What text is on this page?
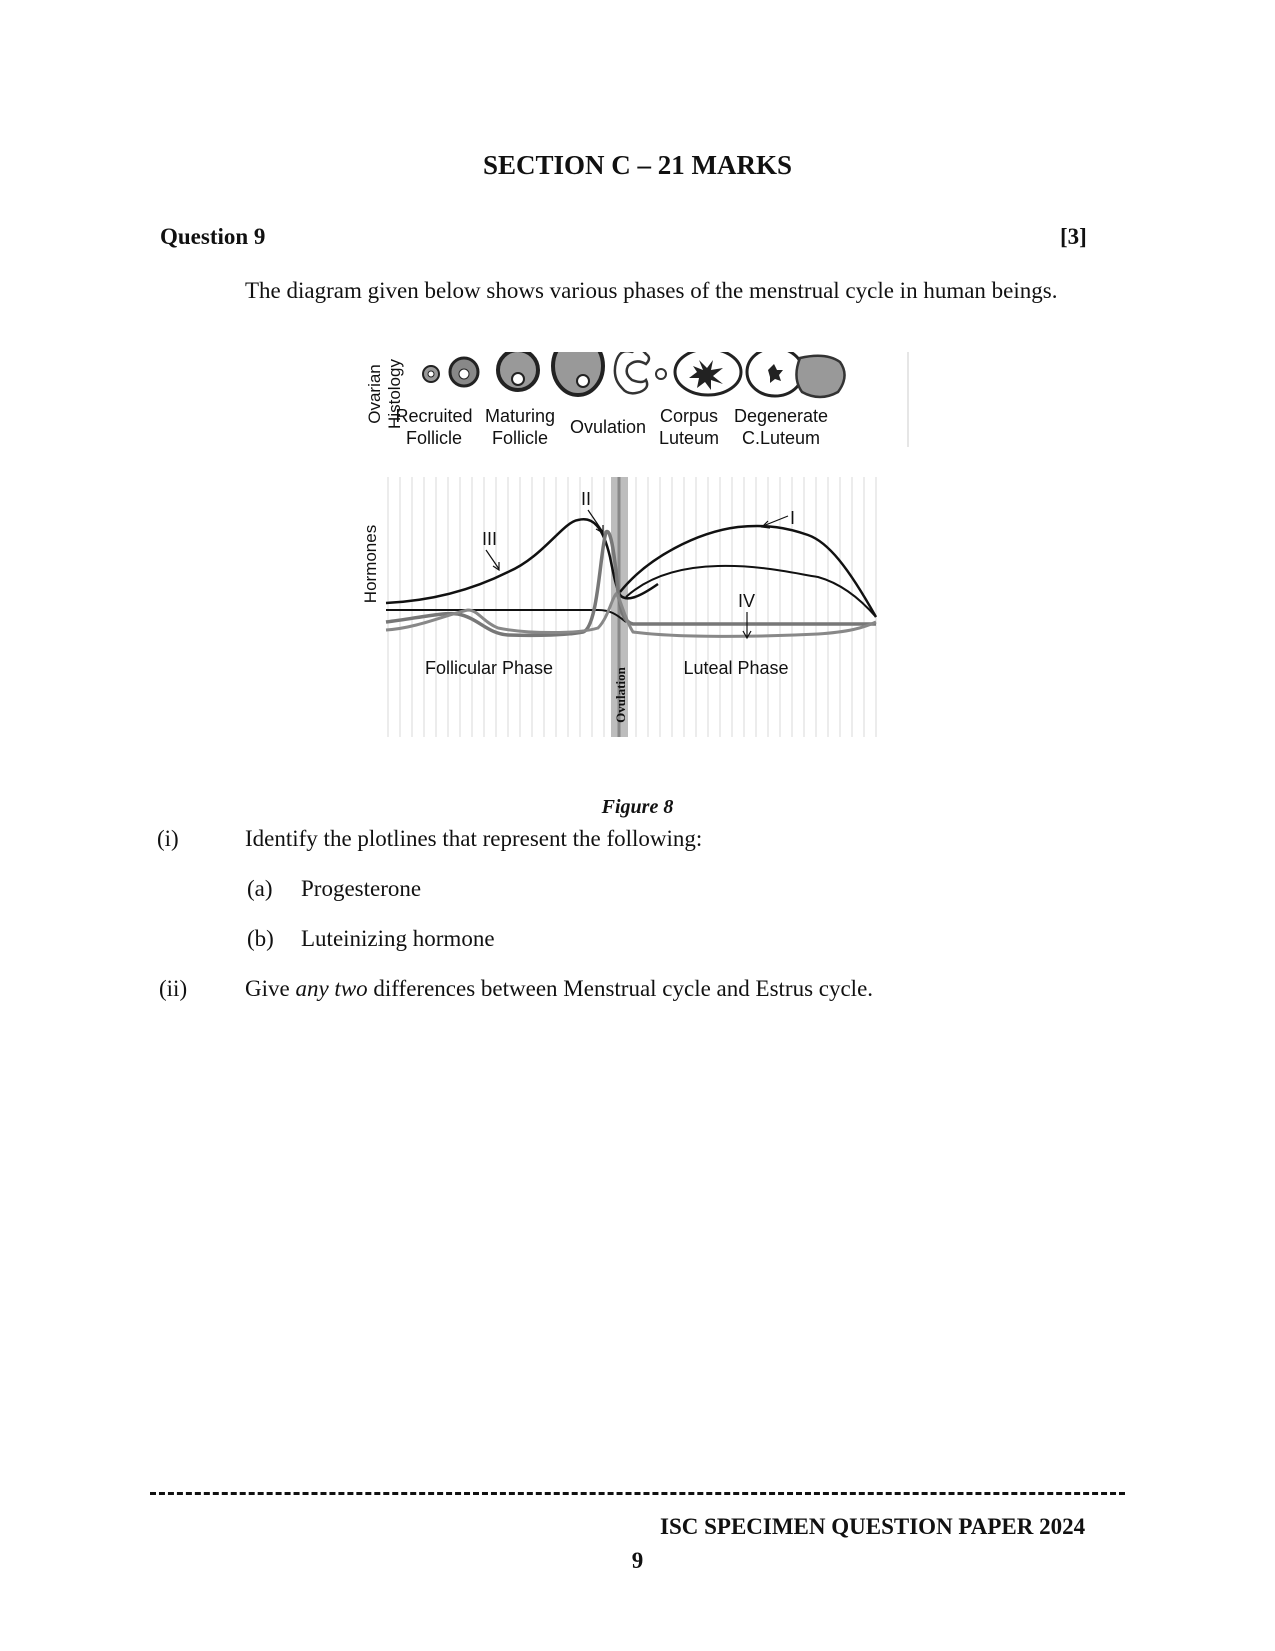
SECTION C – 21 MARKS
Question 9	[3]
The diagram given below shows various phases of the menstrual cycle in human beings.
Ovarian Histology
Recruited
Follicle
Maturing
Follicle
Ovulation
Corpus
Luteum
Degenerate
C.Luteum
Hormones
I
II
III
IV
Follicular Phase	Luteal Phase
Ovulation
Figure 8
(i)	Identify the plotlines that represent the following:
(a) Progesterone
(b) Luteinizing hormone
(ii)	Give any two differences between Menstrual cycle and Estrus cycle.
ISC SPECIMEN QUESTION PAPER 2024
9
